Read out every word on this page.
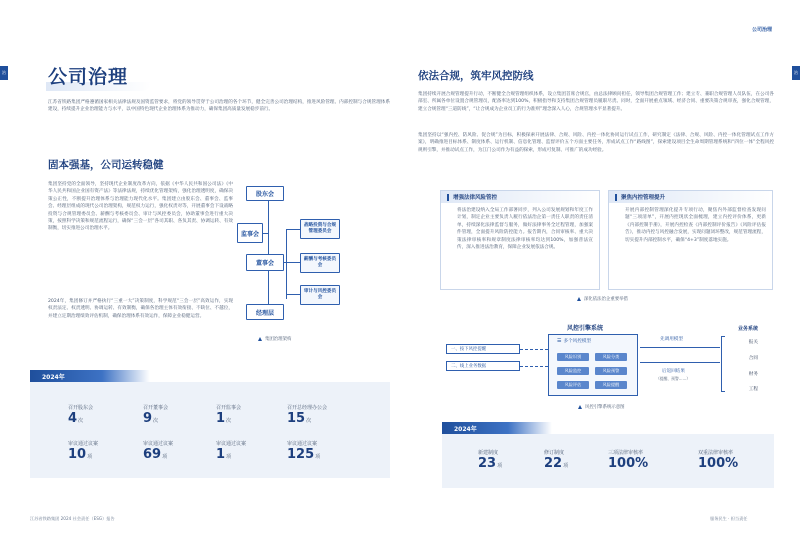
治 公司治理

江苏省铁路集团严格遵循国家相关法律法规及国资监管要求，将党的领导贯穿于公司治理的各个环节，健全完善公司治理结构，推进风险管理、内部控制与合规管理体系建设，持续提升企业治理能力与水平，以中国特色现代企业治理体系为推动力，确保集团高质量发展稳步前行。

固本强基，公司运转稳健

集团坚持党的全面领导，坚持现代企业制度改革方向，依据《中华人民共和国公司法》《中华人民共和国企业国有资产法》等法律法规，持续优化管理架构，强化治理透明度，确保决策公正性，不断提升治理体系与治理能力现代化水平。集团建立由股东会、董事会、监事会、经理层组成的现代公司治理架构，规范权力运行，强化权责对等，开展董事会下设战略投资与合规管理委员会、薪酬与考核委员会、审计与风控委员会，协助董事会进行重大决策，按照科学决策和规范流程运行，确保“三会一层”各司其职、各负其责、协调运转、有效制衡，切实推进公司治理水平。

2024年，集团修订并严格执行“三重一大”决策制度，科学规范“三会一层”高效运作，实现权责法定、权责透明、协调运转、有效制衡，确保各治理主体有效衔接、不缺位、不越位，并建立定期治理绩效评估机制，确保治理体系有效运作，保障企业稳健运营。

股东会
监事会
董事会
经理层
战略投资与合规管理委员会
薪酬与考核委员会
审计与风控委员会
集团治理架构
2024年
召开股东会
4次
召开董事会
9次
召开监事会
1次
召开总经理办公会
15次
审议通过议案
10项
审议通过议案
69项
审议通过议案
1项
审议通过议案
125项
江苏省铁路集团 2024 社会责任（ESG）报告
公司治理
治
依法合规，筑牢风控防线

集团持续开展合规管理提升行动，不断健全合规管理组织体系，设立集团首席合规官，由总法律顾问担任，领导集团合规管理工作；建立专、兼职合规管理人员队伍，在公司各部室、所属各单位设置合规管理员，配备率达到100%，积极指导和支持集团合规管理员履职尽责。同时，全面开展重点领域、经济合同、重要决策合规审查，强化合规管理，建立合规管理“三道防线”，“让合规成为企业员工的行为准则”理念深入人心，合规管理水平显著提升。

集团坚持以“强内控、防风险、促合规”为目标，积极探索开展法律、合规、风险、内控一体化协同运行试点工作，研究制定《法律、合规、风险、内控一体化管理试点工作方案》，明确推进目标体系、制度体系、运行机制、信息化管理、监督评价五个方面主要任务，形成试点工作“路线图”，探索建设项目全生命周期管理系统和“四位一体”全程风控规则引擎，并推动试点工作，为江门公司作为有益的探索，形成可复制、可推广的成功经验。

增强法律风险管控

将法治建设纳入全局工作部署同步，列入公司发展规划和年度工作计划，制定企业主要负责人履行依法治企第一责任人职责的责任清单，持续深化法律监督与服务，做好法律事务全过程管理，加强案件管理，全面提升风险防控能力。报告期内，合同审核率、重大决策法律审核率和规章制度法律审核率均达到100%，加强普法宣传，深入推进法治教育，保障企业发展依法合规。

聚焦内控管理提升

开展内部控制管理深化提升专项行动，聚焦内外部监督检查发现问题“三项清单”，开展内控现状全面梳理，建立内控评价体系，更新《内部控制手册》，开展内控检查《内部控制评价报告》《风险评估报告》，推动内控与风控融合发展，实现问题闭环整改，规范管理流程，切实提升内部控制水平，确保“4+3”制度落地实施。

深化依法治企重要举措
风控引擎系统
☰ 多个风控模型
风险识别	风险分类
风险监控	风险预警
风险评估	风险提醒
一、按下风控提醒
二、线上业务数据
先调用模型
后返回结果
（提醒、预警……）
业务系统
报关
合同
财务
工程
风控引擎系统示意图
2024年
新建制度
23项
修订制度
22项
三项法律审核率
100%
双重法律审核率
100%
服务民生 · 担当责任
